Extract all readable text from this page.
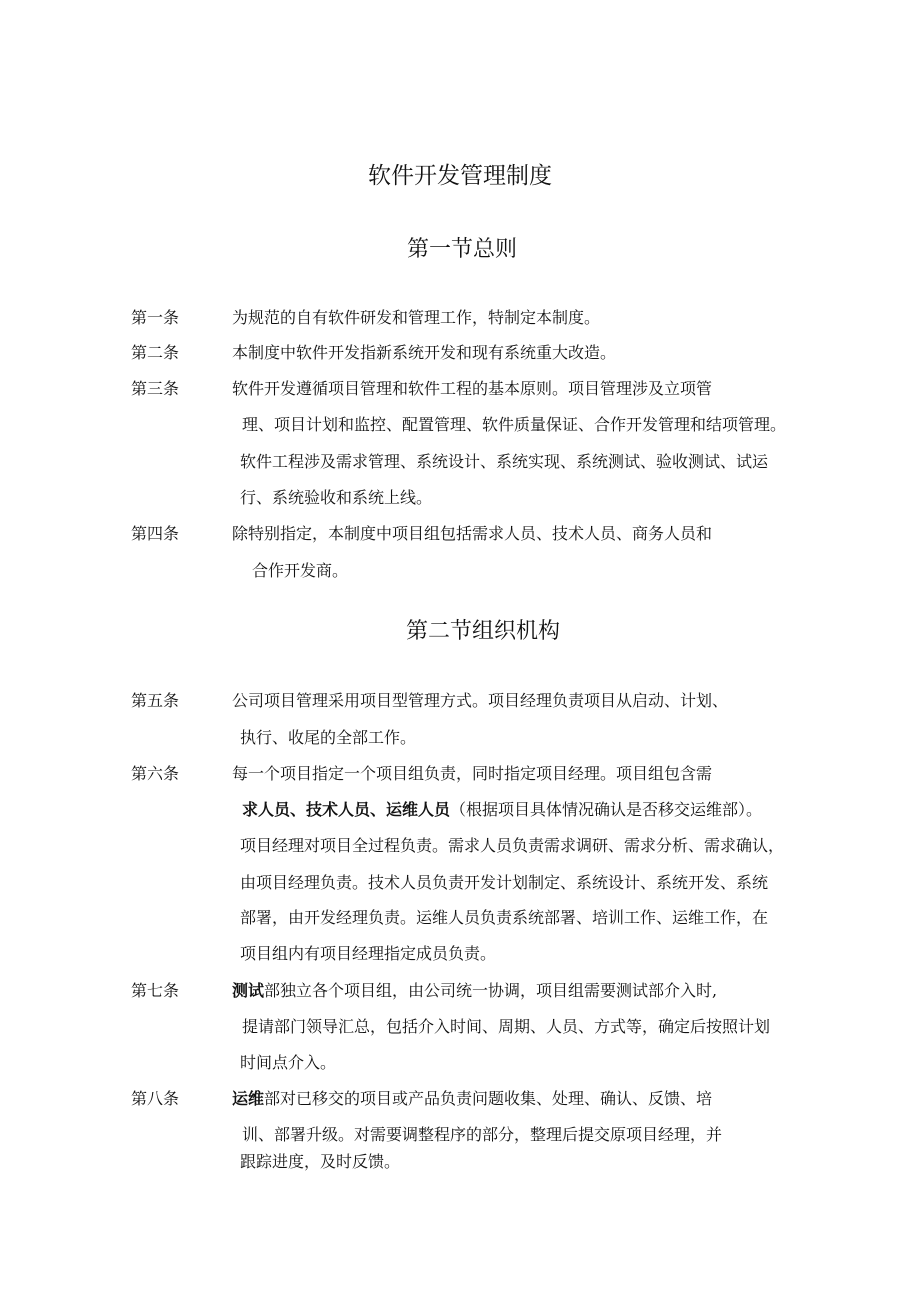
软件开发管理制度
第一节总则
第一条	为规范的自有软件研发和管理工作，特制定本制度。
第二条	本制度中软件开发指新系统开发和现有系统重大改造。
第三条	软件开发遵循项目管理和软件工程的基本原则。项目管理涉及立项管
理、项目计划和监控、配置管理、软件质量保证、合作开发管理和结项管理。
软件工程涉及需求管理、系统设计、系统实现、系统测试、验收测试、试运
行、系统验收和系统上线。
第四条	除特别指定，本制度中项目组包括需求人员、技术人员、商务人员和
合作开发商。
第二节组织机构
第五条	公司项目管理采用项目型管理方式。项目经理负责项目从启动、计划、
执行、收尾的全部工作。
第六条	每一个项目指定一个项目组负责，同时指定项目经理。项目组包含需
求人员、技术人员、运维人员（根据项目具体情况确认是否移交运维部）。
项目经理对项目全过程负责。需求人员负责需求调研、需求分析、需求确认，
由项目经理负责。技术人员负责开发计划制定、系统设计、系统开发、系统
部署，由开发经理负责。运维人员负责系统部署、培训工作、运维工作，在
项目组内有项目经理指定成员负责。
第七条	测试部独立各个项目组，由公司统一协调，项目组需要测试部介入时,
提请部门领导汇总，包括介入时间、周期、人员、方式等，确定后按照计划
时间点介入。
第八条	运维部对已移交的项目或产品负责问题收集、处理、确认、反馈、培
训、部署升级。对需要调整程序的部分，整理后提交原项目经理，并
跟踪进度，及时反馈。
